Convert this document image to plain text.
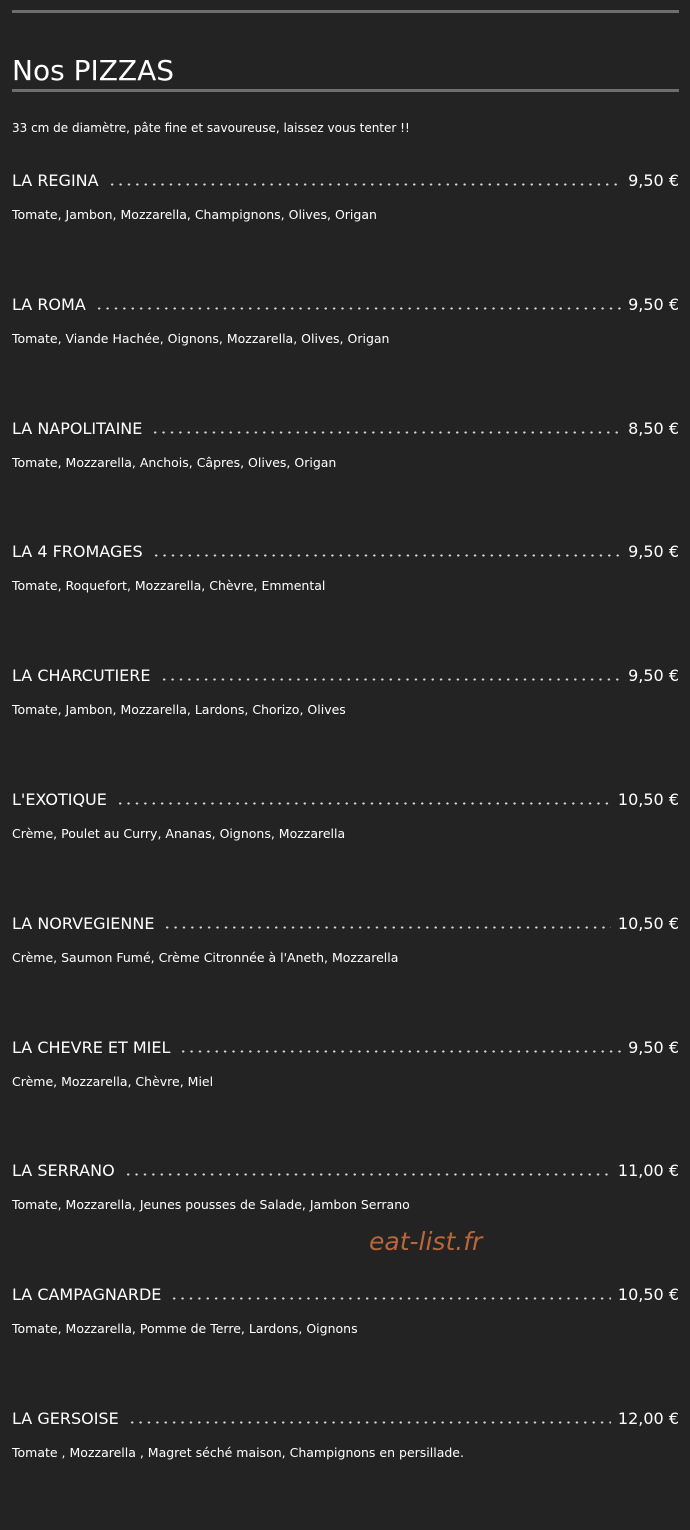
Nos PIZZAS
33 cm de diamètre, pâte fine et savoureuse, laissez vous tenter !!
LA REGINA	9,50 €
Tomate, Jambon, Mozzarella, Champignons, Olives, Origan
LA ROMA	9,50 €
Tomate, Viande Hachée, Oignons, Mozzarella, Olives, Origan
LA NAPOLITAINE	8,50 €
Tomate, Mozzarella, Anchois, Câpres, Olives, Origan
LA 4 FROMAGES	9,50 €
Tomate, Roquefort, Mozzarella, Chèvre, Emmental
LA CHARCUTIERE	9,50 €
Tomate, Jambon, Mozzarella, Lardons, Chorizo, Olives
L'EXOTIQUE	10,50 €
Crème, Poulet au Curry, Ananas, Oignons, Mozzarella
LA NORVEGIENNE	10,50 €
Crème, Saumon Fumé, Crème Citronnée à l'Aneth, Mozzarella
LA CHEVRE ET MIEL	9,50 €
Crème, Mozzarella, Chèvre, Miel
LA SERRANO	11,00 €
Tomate, Mozzarella, Jeunes pousses de Salade, Jambon Serrano
LA CAMPAGNARDE	10,50 €
Tomate, Mozzarella, Pomme de Terre, Lardons, Oignons
LA GERSOISE	12,00 €
Tomate , Mozzarella , Magret séché maison, Champignons en persillade.
eat-list.fr
